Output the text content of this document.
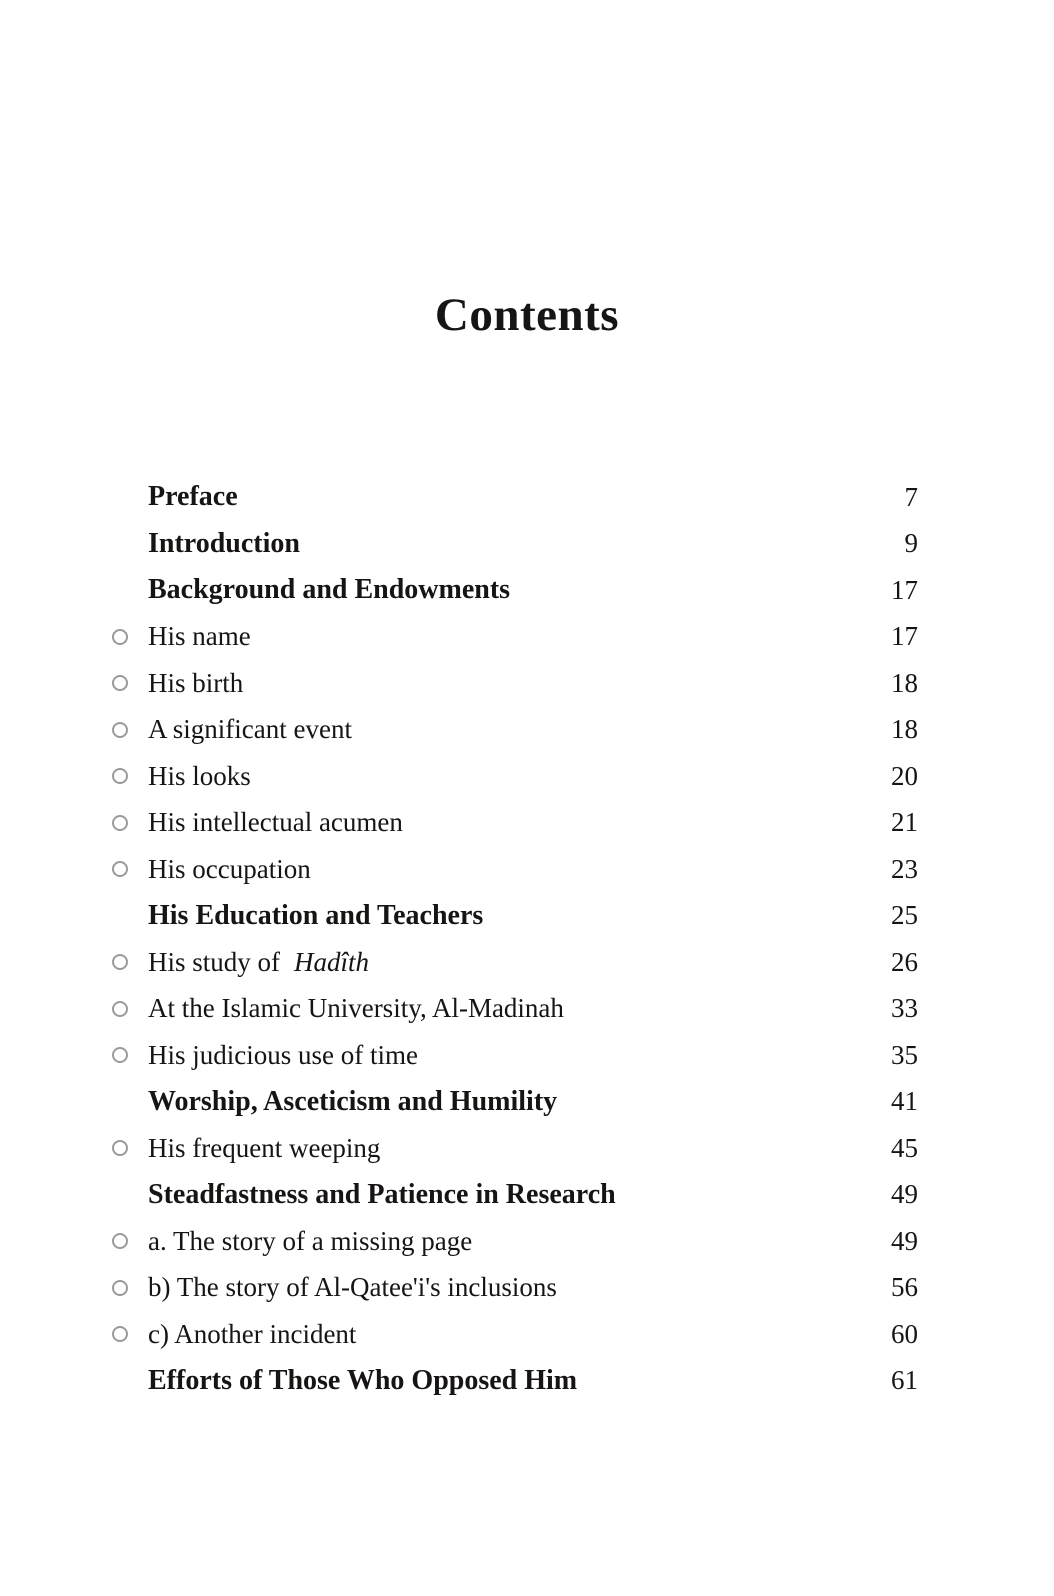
Contents
Preface	7
Introduction	9
Background and Endowments	17
His name	17
His birth	18
A significant event	18
His looks	20
His intellectual acumen	21
His occupation	23
His Education and Teachers	25
His study of Hadîth	26
At the Islamic University, Al-Madinah	33
His judicious use of time	35
Worship, Asceticism and Humility	41
His frequent weeping	45
Steadfastness and Patience in Research	49
a. The story of a missing page	49
b) The story of Al-Qatee'i's inclusions	56
c) Another incident	60
Efforts of Those Who Opposed Him	61
